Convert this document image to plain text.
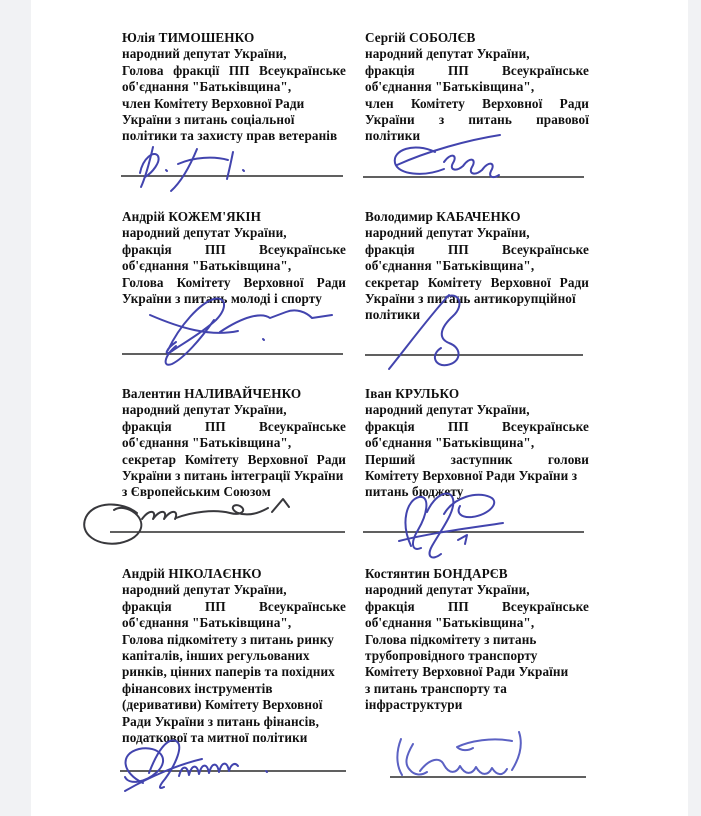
Юлія ТИМОШЕНКО
народний депутат України,
Голова фракції ПП Всеукраїнське
об'єднання "Батьківщина",
член Комітету Верховної Ради
України з питань соціальної
політики та захисту прав ветеранів
Сергій СОБОЛЄВ
народний депутат України,
фракція ПП Всеукраїнське
об'єднання "Батьківщина",
член Комітету Верховної Ради
України з питань правової
політики
Андрій КОЖЕМ'ЯКІН
народний депутат України,
фракція ПП Всеукраїнське
об'єднання "Батьківщина",
Голова Комітету Верховної Ради
України з питань молоді і спорту
Володимир КАБАЧЕНКО
народний депутат України,
фракція ПП Всеукраїнське
об'єднання "Батьківщина",
секретар Комітету Верховної Ради
України з питань антикорупційної
політики
Валентин НАЛИВАЙЧЕНКО
народний депутат України,
фракція ПП Всеукраїнське
об'єднання "Батьківщина",
секретар Комітету Верховної Ради
України з питань інтеграції України
з Європейським Союзом
Іван КРУЛЬКО
народний депутат України,
фракція ПП Всеукраїнське
об'єднання "Батьківщина",
Перший заступник голови
Комітету Верховної Ради України з
питань бюджету
Андрій НІКОЛАЄНКО
народний депутат України,
фракція ПП Всеукраїнське
об'єднання "Батьківщина",
Голова підкомітету з питань ринку
капіталів, інших регульованих
ринків, цінних паперів та похідних
фінансових інструментів
(деривативи) Комітету Верховної
Ради України з питань фінансів,
податкової та митної політики
Костянтин БОНДАРЄВ
народний депутат України,
фракція ПП Всеукраїнське
об'єднання "Батьківщина",
Голова підкомітету з питань
трубопровідного транспорту
Комітету Верховної Ради України
з питань транспорту та
інфраструктури
